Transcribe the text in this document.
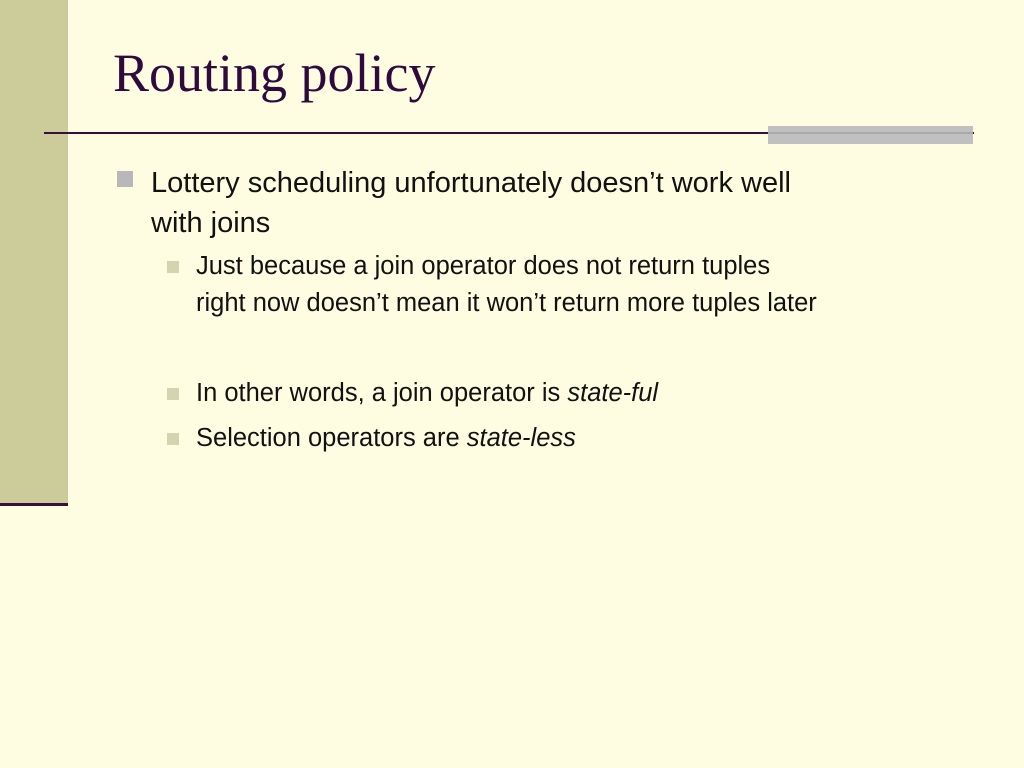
Routing policy
Lottery scheduling unfortunately doesn’t work well
with joins
Just because a join operator does not return tuples
right now doesn’t mean it won’t return more tuples later
In other words, a join operator is state-ful
Selection operators are state-less
